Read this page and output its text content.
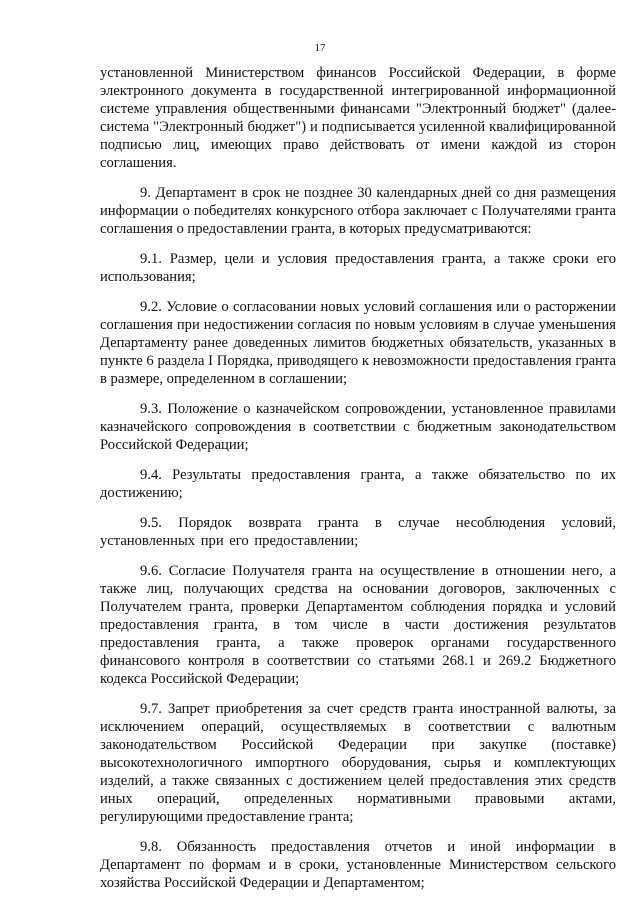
17

установленной Министерством финансов Российской Федерации, в форме электронного документа в государственной интегрированной информационной системе управления общественными финансами "Электронный бюджет" (далее-система "Электронный бюджет") и подписывается усиленной квалифицированной подписью лиц, имеющих право действовать от имени каждой из сторон соглашения.

9. Департамент в срок не позднее 30 календарных дней со дня размещения информации о победителях конкурсного отбора заключает с Получателями гранта соглашения о предоставлении гранта, в которых предусматриваются:

9.1. Размер, цели и условия предоставления гранта, а также сроки его использования;

9.2. Условие о согласовании новых условий соглашения или о расторжении соглашения при недостижении согласия по новым условиям в случае уменьшения Департаменту ранее доведенных лимитов бюджетных обязательств, указанных в пункте 6 раздела I Порядка, приводящего к невозможности предоставления гранта в размере, определенном в соглашении;

9.3. Положение о казначейском сопровождении, установленное правилами казначейского сопровождения в соответствии с бюджетным законодательством Российской Федерации;

9.4. Результаты предоставления гранта, а также обязательство по их достижению;

9.5. Порядок возврата гранта в случае несоблюдения условий, установленных при его предоставлении;

9.6. Согласие Получателя гранта на осуществление в отношении него, а также лиц, получающих средства на основании договоров, заключенных с Получателем гранта, проверки Департаментом соблюдения порядка и условий предоставления гранта, в том числе в части достижения результатов предоставления гранта, а также проверок органами государственного финансового контроля в соответствии со статьями 268.1 и 269.2 Бюджетного кодекса Российской Федерации;

9.7. Запрет приобретения за счет средств гранта иностранной валюты, за исключением операций, осуществляемых в соответствии с валютным законодательством Российской Федерации при закупке (поставке) высокотехнологичного импортного оборудования, сырья и комплектующих изделий, а также связанных с достижением целей предоставления этих средств иных операций, определенных нормативными правовыми актами, регулирующими предоставление гранта;

9.8. Обязанность предоставления отчетов и иной информации в Департамент по формам и в сроки, установленные Министерством сельского хозяйства Российской Федерации и Департаментом;
